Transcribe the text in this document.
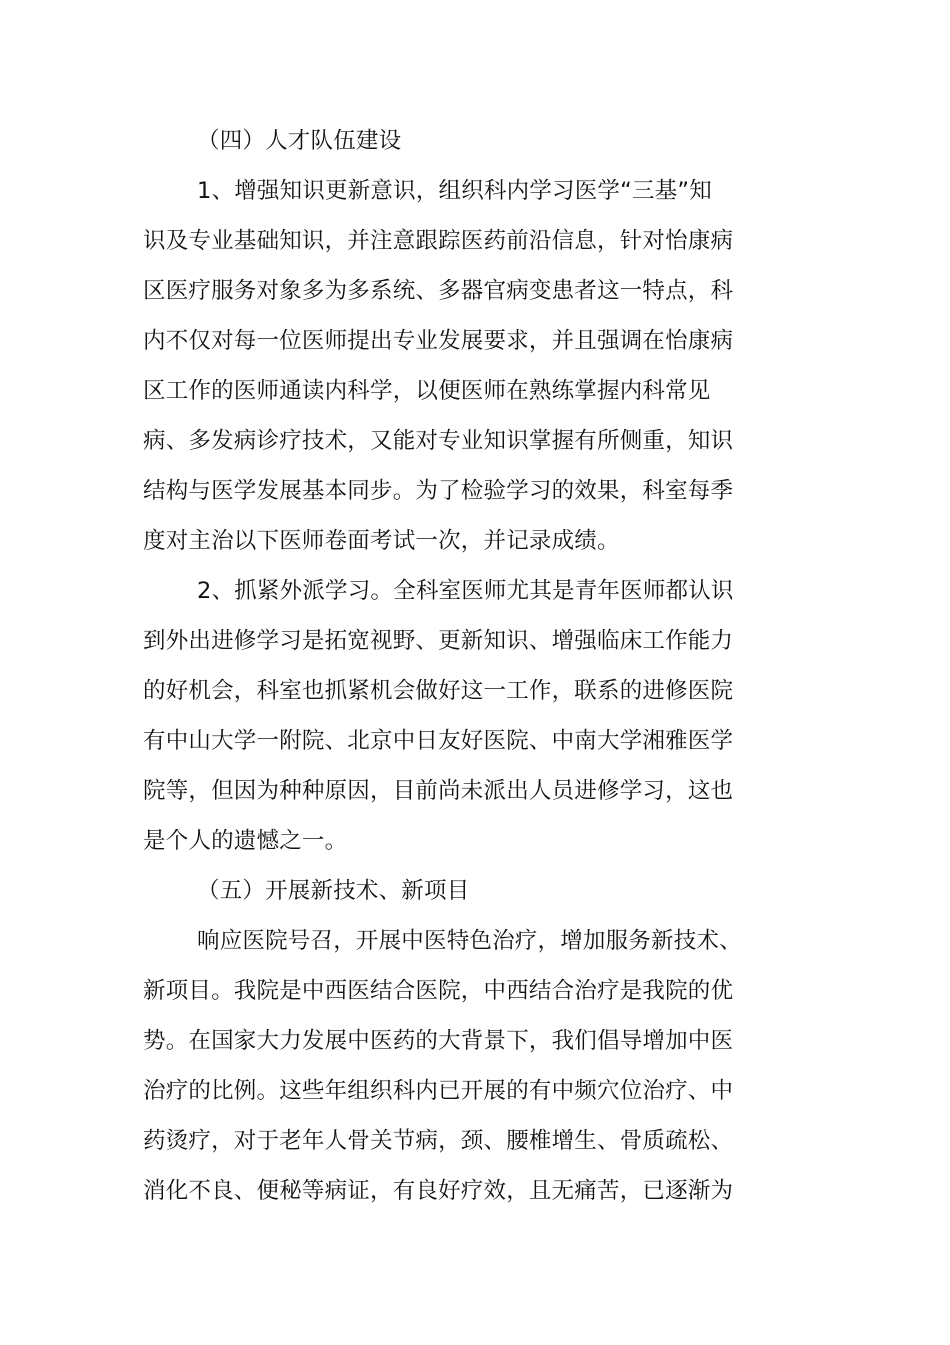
（四）人才队伍建设
1、增强知识更新意识，组织科内学习医学“三基”知
识及专业基础知识，并注意跟踪医药前沿信息，针对怡康病
区医疗服务对象多为多系统、多器官病变患者这一特点，科
内不仅对每一位医师提出专业发展要求，并且强调在怡康病
区工作的医师通读内科学，以便医师在熟练掌握内科常见
病、多发病诊疗技术，又能对专业知识掌握有所侧重，知识
结构与医学发展基本同步。为了检验学习的效果，科室每季
度对主治以下医师卷面考试一次，并记录成绩。
2、抓紧外派学习。全科室医师尤其是青年医师都认识
到外出进修学习是拓宽视野、更新知识、增强临床工作能力
的好机会，科室也抓紧机会做好这一工作，联系的进修医院
有中山大学一附院、北京中日友好医院、中南大学湘雅医学
院等，但因为种种原因，目前尚未派出人员进修学习，这也
是个人的遗憾之一。
（五）开展新技术、新项目
响应医院号召，开展中医特色治疗，增加服务新技术、
新项目。我院是中西医结合医院，中西结合治疗是我院的优
势。在国家大力发展中医药的大背景下，我们倡导增加中医
治疗的比例。这些年组织科内已开展的有中频穴位治疗、中
药烫疗，对于老年人骨关节病，颈、腰椎增生、骨质疏松、
消化不良、便秘等病证，有良好疗效，且无痛苦，已逐渐为
